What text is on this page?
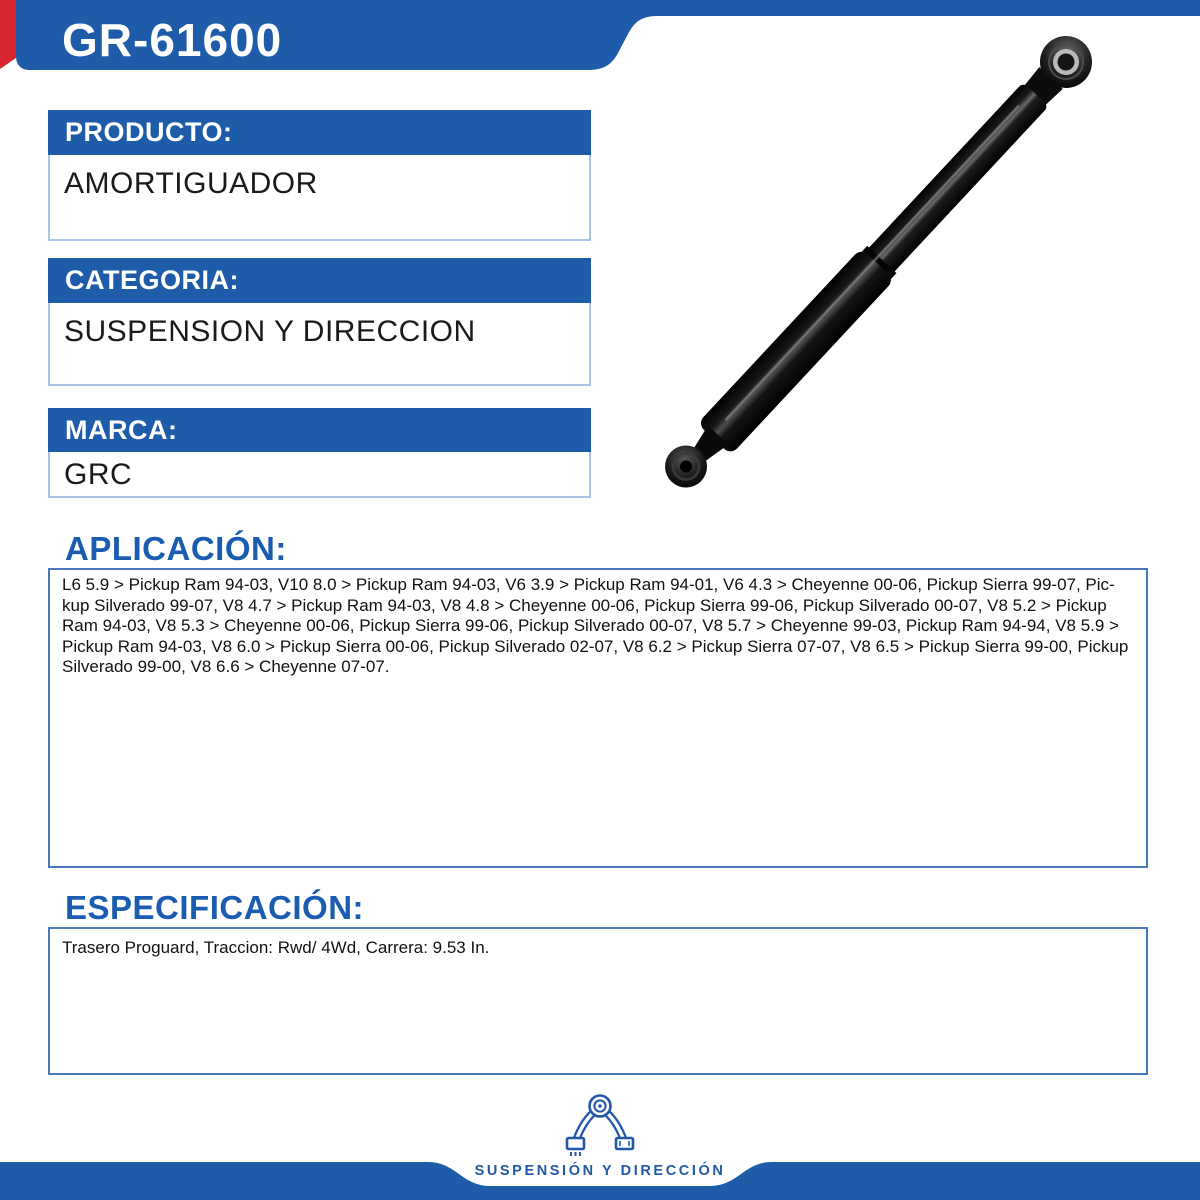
GR-61600
PRODUCTO:
AMORTIGUADOR
CATEGORIA:
SUSPENSION Y DIRECCION
MARCA:
GRC
APLICACIÓN:
L6 5.9 > Pickup Ram 94-03, V10 8.0 > Pickup Ram 94-03, V6 3.9 > Pickup Ram 94-01, V6 4.3 > Cheyenne 00-06, Pickup Sierra 99-07, Pic-
kup Silverado 99-07, V8 4.7 > Pickup Ram 94-03, V8 4.8 > Cheyenne 00-06, Pickup Sierra 99-06, Pickup Silverado 00-07, V8 5.2 > Pickup
Ram 94-03, V8 5.3 > Cheyenne 00-06, Pickup Sierra 99-06, Pickup Silverado 00-07, V8 5.7 > Cheyenne 99-03, Pickup Ram 94-94, V8 5.9 >
Pickup Ram 94-03, V8 6.0 > Pickup Sierra 00-06, Pickup Silverado 02-07, V8 6.2 > Pickup Sierra 07-07, V8 6.5 > Pickup Sierra 99-00, Pickup
Silverado 99-00, V8 6.6 > Cheyenne 07-07.
ESPECIFICACIÓN:
Trasero Proguard, Traccion: Rwd/ 4Wd, Carrera: 9.53 In.
SUSPENSIÓN Y DIRECCIÓN
